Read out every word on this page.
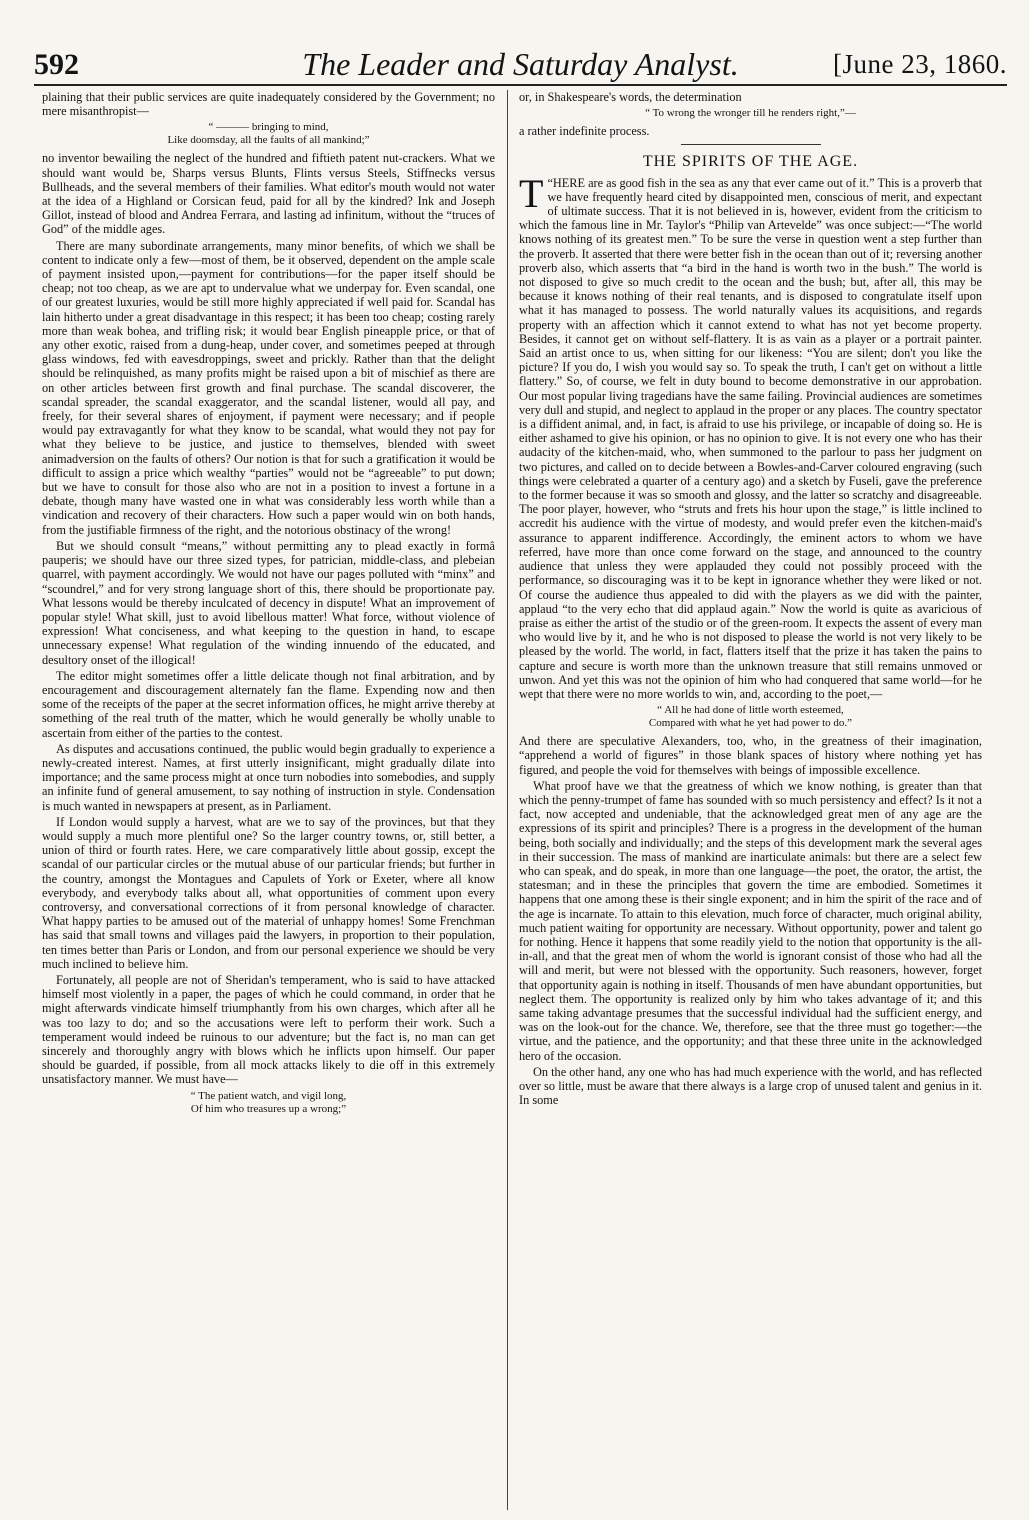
592	The Leader and Saturday Analyst.	[June 23, 1860.

plaining that their public services are quite inadequately considered by the Government; no mere misanthropist—

“ ——— bringing to mind,
Like doomsday, all the faults of all mankind;”

no inventor bewailing the neglect of the hundred and fiftieth patent nut-crackers. What we should want would be, Sharps versus Blunts, Flints versus Steels, Stiffnecks versus Bullheads, and the several members of their families. What editor's mouth would not water at the idea of a Highland or Corsican feud, paid for all by the kindred? Ink and Joseph Gillot, instead of blood and Andrea Ferrara, and lasting ad infinitum, without the “truces of God” of the middle ages.

There are many subordinate arrangements, many minor benefits, of which we shall be content to indicate only a few—most of them, be it observed, dependent on the ample scale of payment insisted upon,—payment for contributions—for the paper itself should be cheap; not too cheap, as we are apt to undervalue what we underpay for. Even scandal, one of our greatest luxuries, would be still more highly appreciated if well paid for. Scandal has lain hitherto under a great disadvantage in this respect; it has been too cheap; costing rarely more than weak bohea, and trifling risk; it would bear English pineapple price, or that of any other exotic, raised from a dung-heap, under cover, and sometimes peeped at through glass windows, fed with eavesdroppings, sweet and prickly. Rather than that the delight should be relinquished, as many profits might be raised upon a bit of mischief as there are on other articles between first growth and final purchase. The scandal discoverer, the scandal spreader, the scandal exaggerator, and the scandal listener, would all pay, and freely, for their several shares of enjoyment, if payment were necessary; and if people would pay extravagantly for what they know to be scandal, what would they not pay for what they believe to be justice, and justice to themselves, blended with sweet animadversion on the faults of others? Our notion is that for such a gratification it would be difficult to assign a price which wealthy “parties” would not be “agreeable” to put down; but we have to consult for those also who are not in a position to invest a fortune in a debate, though many have wasted one in what was considerably less worth while than a vindication and recovery of their characters. How such a paper would win on both hands, from the justifiable firmness of the right, and the notorious obstinacy of the wrong!

But we should consult “means,” without permitting any to plead exactly in formâ pauperis; we should have our three sized types, for patrician, middle-class, and plebeian quarrel, with payment accordingly. We would not have our pages polluted with “minx” and “scoundrel,” and for very strong language short of this, there should be proportionate pay. What lessons would be thereby inculcated of decency in dispute! What an improvement of popular style! What skill, just to avoid libellous matter! What force, without violence of expression! What conciseness, and what keeping to the question in hand, to escape unnecessary expense! What regulation of the winding innuendo of the educated, and desultory onset of the illogical!

The editor might sometimes offer a little delicate though not final arbitration, and by encouragement and discouragement alternately fan the flame. Expending now and then some of the receipts of the paper at the secret information offices, he might arrive thereby at something of the real truth of the matter, which he would generally be wholly unable to ascertain from either of the parties to the contest.

As disputes and accusations continued, the public would begin gradually to experience a newly-created interest. Names, at first utterly insignificant, might gradually dilate into importance; and the same process might at once turn nobodies into somebodies, and supply an infinite fund of general amusement, to say nothing of instruction in style. Condensation is much wanted in newspapers at present, as in Parliament.

If London would supply a harvest, what are we to say of the provinces, but that they would supply a much more plentiful one? So the larger country towns, or, still better, a union of third or fourth rates. Here, we care comparatively little about gossip, except the scandal of our particular circles or the mutual abuse of our particular friends; but further in the country, amongst the Montagues and Capulets of York or Exeter, where all know everybody, and everybody talks about all, what opportunities of comment upon every controversy, and conversational corrections of it from personal knowledge of character. What happy parties to be amused out of the material of unhappy homes! Some Frenchman has said that small towns and villages paid the lawyers, in proportion to their population, ten times better than Paris or London, and from our personal experience we should be very much inclined to believe him.

Fortunately, all people are not of Sheridan's temperament, who is said to have attacked himself most violently in a paper, the pages of which he could command, in order that he might afterwards vindicate himself triumphantly from his own charges, which after all he was too lazy to do; and so the accusations were left to perform their work. Such a temperament would indeed be ruinous to our adventure; but the fact is, no man can get sincerely and thoroughly angry with blows which he inflicts upon himself. Our paper should be guarded, if possible, from all mock attacks likely to die off in this extremely unsatisfactory manner. We must have—

“ The patient watch, and vigil long,
Of him who treasures up a wrong;”

or, in Shakespeare's words, the determination

“ To wrong the wronger till he renders right,”—

a rather indefinite process.

THE SPIRITS OF THE AGE.

T “HERE are as good fish in the sea as any that ever came out of it.” This is a proverb that we have frequently heard cited by disappointed men, conscious of merit, and expectant of ultimate success. That it is not believed in is, however, evident from the criticism to which the famous line in Mr. Taylor's “Philip van Artevelde” was once subject:—“The world knows nothing of its greatest men.” To be sure the verse in question went a step further than the proverb. It asserted that there were better fish in the ocean than out of it; reversing another proverb also, which asserts that “a bird in the hand is worth two in the bush.” The world is not disposed to give so much credit to the ocean and the bush; but, after all, this may be because it knows nothing of their real tenants, and is disposed to congratulate itself upon what it has managed to possess. The world naturally values its acquisitions, and regards property with an affection which it cannot extend to what has not yet become property. Besides, it cannot get on without self-flattery. It is as vain as a player or a portrait painter. Said an artist once to us, when sitting for our likeness: “You are silent; don't you like the picture? If you do, I wish you would say so. To speak the truth, I can't get on without a little flattery.” So, of course, we felt in duty bound to become demonstrative in our approbation. Our most popular living tragedians have the same failing. Provincial audiences are sometimes very dull and stupid, and neglect to applaud in the proper or any places. The country spectator is a diffident animal, and, in fact, is afraid to use his privilege, or incapable of doing so. He is either ashamed to give his opinion, or has no opinion to give. It is not every one who has their audacity of the kitchen-maid, who, when summoned to the parlour to pass her judgment on two pictures, and called on to decide between a Bowles-and-Carver coloured engraving (such things were celebrated a quarter of a century ago) and a sketch by Fuseli, gave the preference to the former because it was so smooth and glossy, and the latter so scratchy and disagreeable. The poor player, however, who “struts and frets his hour upon the stage,” is little inclined to accredit his audience with the virtue of modesty, and would prefer even the kitchen-maid's assurance to apparent indifference. Accordingly, the eminent actors to whom we have referred, have more than once come forward on the stage, and announced to the country audience that unless they were applauded they could not possibly proceed with the performance, so discouraging was it to be kept in ignorance whether they were liked or not. Of course the audience thus appealed to did with the players as we did with the painter, applaud “to the very echo that did applaud again.” Now the world is quite as avaricious of praise as either the artist of the studio or of the green-room. It expects the assent of every man who would live by it, and he who is not disposed to please the world is not very likely to be pleased by the world. The world, in fact, flatters itself that the prize it has taken the pains to capture and secure is worth more than the unknown treasure that still remains unmoved or unwon. And yet this was not the opinion of him who had conquered that same world—for he wept that there were no more worlds to win, and, according to the poet,—

“ All he had done of little worth esteemed,
Compared with what he yet had power to do.”

And there are speculative Alexanders, too, who, in the greatness of their imagination, “apprehend a world of figures” in those blank spaces of history where nothing yet has figured, and people the void for themselves with beings of impossible excellence.

What proof have we that the greatness of which we know nothing, is greater than that which the penny-trumpet of fame has sounded with so much persistency and effect? Is it not a fact, now accepted and undeniable, that the acknowledged great men of any age are the expressions of its spirit and principles? There is a progress in the development of the human being, both socially and individually; and the steps of this development mark the several ages in their succession. The mass of mankind are inarticulate animals: but there are a select few who can speak, and do speak, in more than one language—the poet, the orator, the artist, the statesman; and in these the principles that govern the time are embodied. Sometimes it happens that one among these is their single exponent; and in him the spirit of the race and of the age is incarnate. To attain to this elevation, much force of character, much original ability, much patient waiting for opportunity are necessary. Without opportunity, power and talent go for nothing. Hence it happens that some readily yield to the notion that opportunity is the all-in-all, and that the great men of whom the world is ignorant consist of those who had all the will and merit, but were not blessed with the opportunity. Such reasoners, however, forget that opportunity again is nothing in itself. Thousands of men have abundant opportunities, but neglect them. The opportunity is realized only by him who takes advantage of it; and this same taking advantage presumes that the successful individual had the sufficient energy, and was on the look-out for the chance. We, therefore, see that the three must go together:—the virtue, and the patience, and the opportunity; and that these three unite in the acknowledged hero of the occasion.

On the other hand, any one who has had much experience with the world, and has reflected over so little, must be aware that there always is a large crop of unused talent and genius in it. In some
